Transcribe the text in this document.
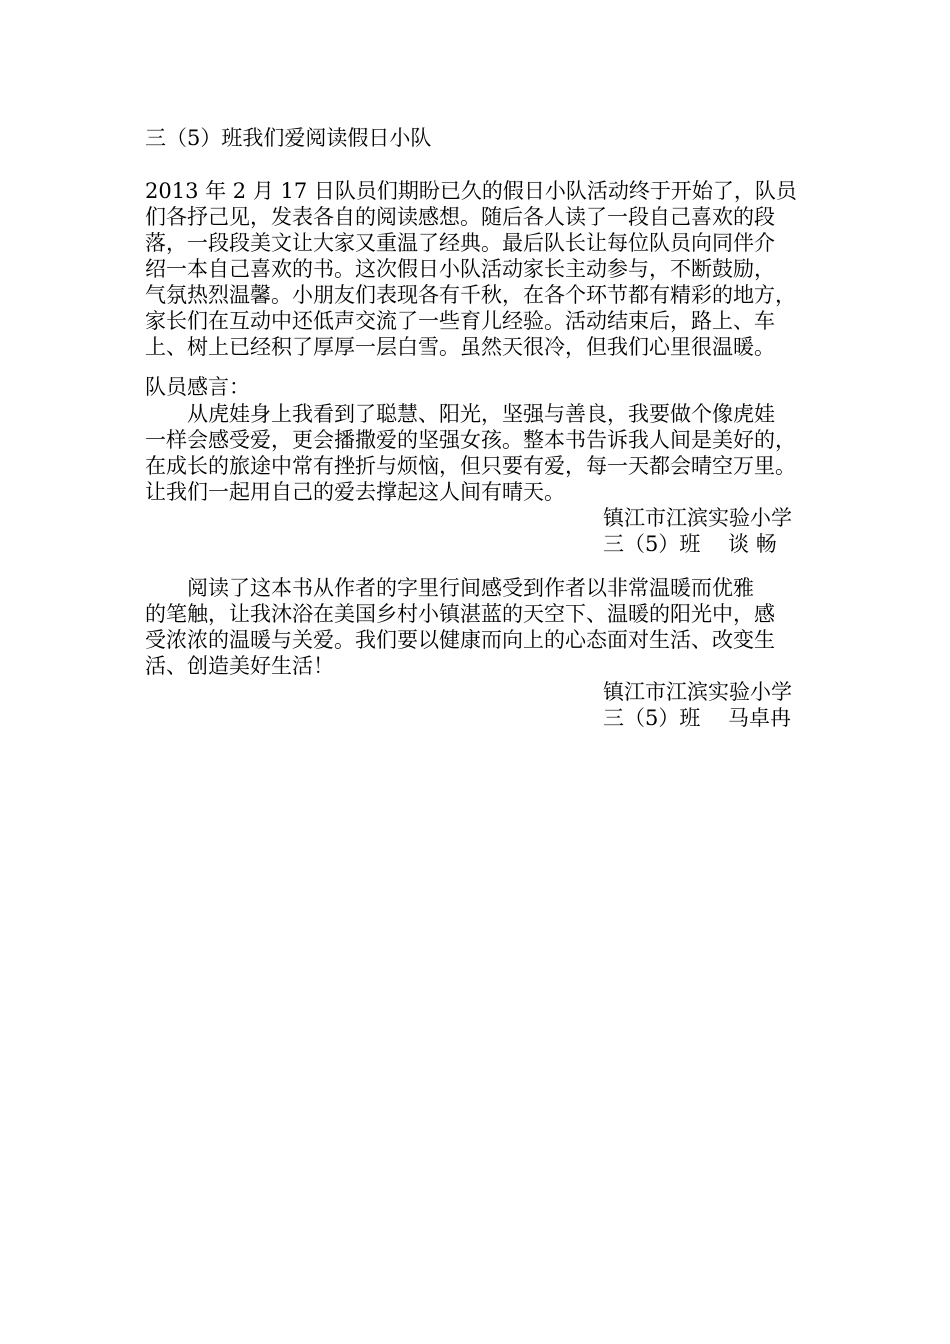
三（5）班我们爱阅读假日小队
2013 年 2 月 17 日队员们期盼已久的假日小队活动终于开始了，队员
们各抒己见，发表各自的阅读感想。随后各人读了一段自己喜欢的段
落，一段段美文让大家又重温了经典。最后队长让每位队员向同伴介
绍一本自己喜欢的书。这次假日小队活动家长主动参与，不断鼓励，
气氛热烈温馨。小朋友们表现各有千秋，在各个环节都有精彩的地方，
家长们在互动中还低声交流了一些育儿经验。活动结束后，路上、车
上、树上已经积了厚厚一层白雪。虽然天很冷，但我们心里很温暖。
队员感言：
从虎娃身上我看到了聪慧、阳光，坚强与善良，我要做个像虎娃
一样会感受爱，更会播撒爱的坚强女孩。整本书告诉我人间是美好的，
在成长的旅途中常有挫折与烦恼，但只要有爱，每一天都会晴空万里。
让我们一起用自己的爱去撑起这人间有晴天。
镇江市江滨实验小学
三（5）班　 谈 畅
阅读了这本书从作者的字里行间感受到作者以非常温暖而优雅
的笔触，让我沐浴在美国乡村小镇湛蓝的天空下、温暖的阳光中，感
受浓浓的温暖与关爱。我们要以健康而向上的心态面对生活、改变生
活、创造美好生活！
镇江市江滨实验小学
三（5）班　 马卓冉
